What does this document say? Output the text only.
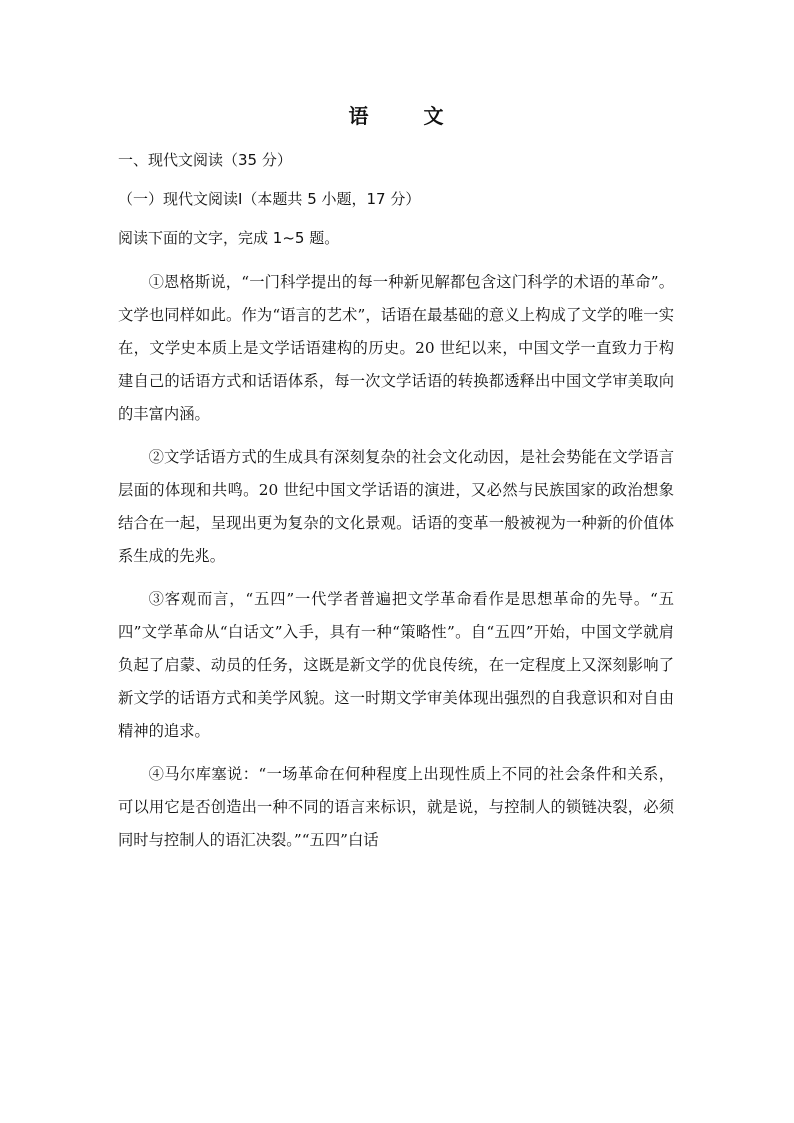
语 文
一、现代文阅读（35 分）
（一）现代文阅读Ⅰ（本题共 5 小题，17 分）
阅读下面的文字，完成 1~5 题。

①恩格斯说，“一门科学提出的每一种新见解都包含这门科学的术语的革命”。文学也同样如此。作为“语言的艺术”，话语在最基础的意义上构成了文学的唯一实在，文学史本质上是文学话语建构的历史。20 世纪以来，中国文学一直致力于构建自己的话语方式和话语体系，每一次文学话语的转换都透释出中国文学审美取向的丰富内涵。

②文学话语方式的生成具有深刻复杂的社会文化动因，是社会势能在文学语言层面的体现和共鸣。20 世纪中国文学话语的演进，又必然与民族国家的政治想象结合在一起，呈现出更为复杂的文化景观。话语的变革一般被视为一种新的价值体系生成的先兆。

③客观而言，“五四”一代学者普遍把文学革命看作是思想革命的先导。“五四”文学革命从“白话文”入手，具有一种“策略性”。自“五四”开始，中国文学就肩负起了启蒙、动员的任务，这既是新文学的优良传统，在一定程度上又深刻影响了新文学的话语方式和美学风貌。这一时期文学审美体现出强烈的自我意识和对自由精神的追求。

④马尔库塞说：“一场革命在何种程度上出现性质上不同的社会条件和关系，可以用它是否创造出一种不同的语言来标识，就是说，与控制人的锁链决裂，必须同时与控制人的语汇决裂。”“五四”白话
